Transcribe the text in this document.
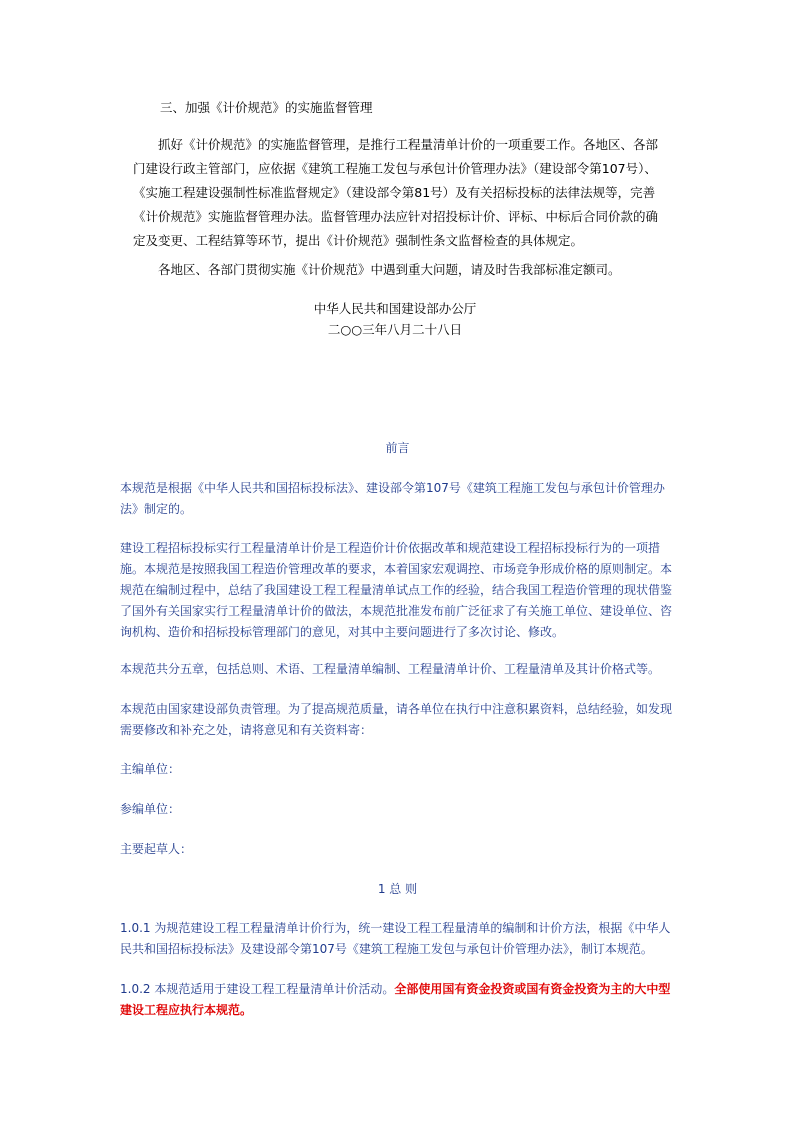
三、加强《计价规范》的实施监督管理

抓好《计价规范》的实施监督管理，是推行工程量清单计价的一项重要工作。各地区、各部门建设行政主管部门，应依据《建筑工程施工发包与承包计价管理办法》（建设部令第107号）、《实施工程建设强制性标准监督规定》（建设部令第81号）及有关招标投标的法律法规等，完善《计价规范》实施监督管理办法。监督管理办法应针对招投标计价、评标、中标后合同价款的确定及变更、工程结算等环节，提出《计价规范》强制性条文监督检查的具体规定。

各地区、各部门贯彻实施《计价规范》中遇到重大问题，请及时告我部标准定额司。

中华人民共和国建设部办公厅

二○○三年八月二十八日

前言

本规范是根据《中华人民共和国招标投标法》、建设部令第107号《建筑工程施工发包与承包计价管理办法》制定的。

建设工程招标投标实行工程量清单计价是工程造价计价依据改革和规范建设工程招标投标行为的一项措施。本规范是按照我国工程造价管理改革的要求，本着国家宏观调控、市场竞争形成价格的原则制定。本规范在编制过程中，总结了我国建设工程工程量清单试点工作的经验，结合我国工程造价管理的现状借鉴了国外有关国家实行工程量清单计价的做法，本规范批准发布前广泛征求了有关施工单位、建设单位、咨询机构、造价和招标投标管理部门的意见，对其中主要问题进行了多次讨论、修改。

本规范共分五章，包括总则、术语、工程量清单编制、工程量清单计价、工程量清单及其计价格式等。

本规范由国家建设部负责管理。为了提高规范质量，请各单位在执行中注意积累资料，总结经验，如发现需要修改和补充之处，请将意见和有关资料寄：

主编单位：

参编单位：

主要起草人：

1 总 则

1.0.1 为规范建设工程工程量清单计价行为，统一建设工程工程量清单的编制和计价方法，根据《中华人民共和国招标投标法》及建设部令第107号《建筑工程施工发包与承包计价管理办法》，制订本规范。

1.0.2 本规范适用于建设工程工程量清单计价活动。全部使用国有资金投资或国有资金投资为主的大中型建设工程应执行本规范。
